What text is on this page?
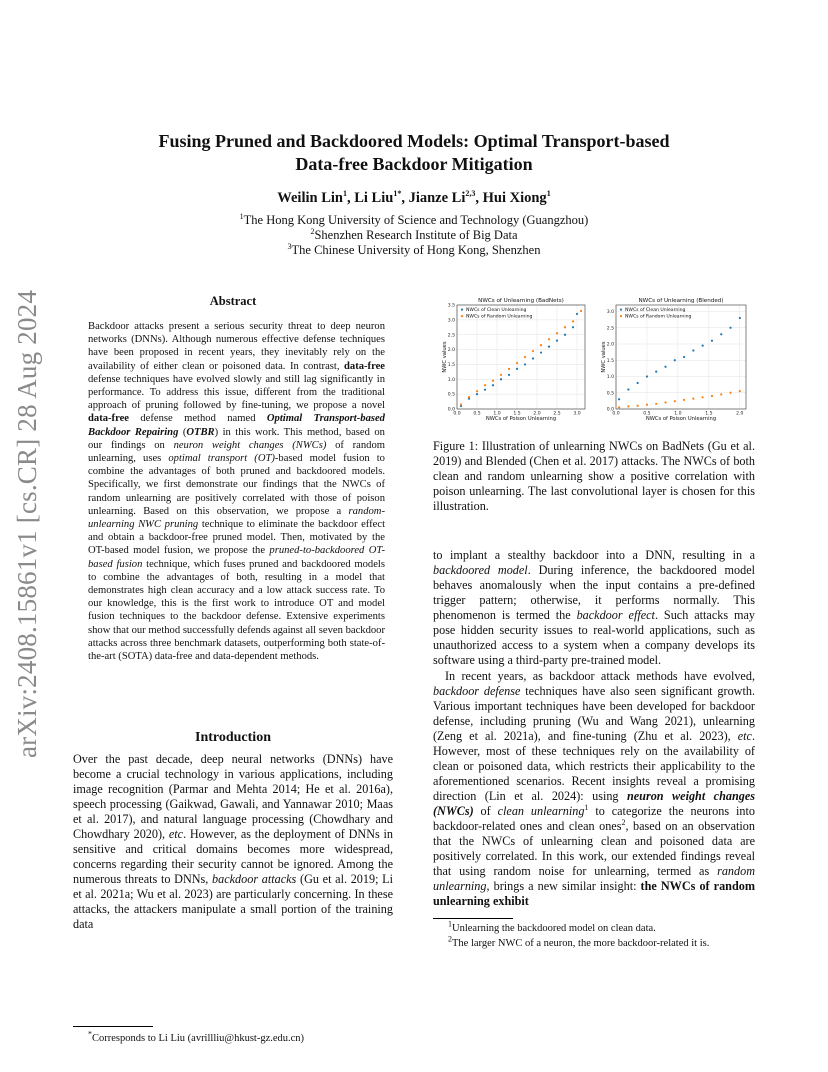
arXiv:2408.15861v1 [cs.CR] 28 Aug 2024
Fusing Pruned and Backdoored Models: Optimal Transport-based
Data-free Backdoor Mitigation
Weilin Lin$^1$, Li Liu$^{1*}$, Jianze Li$^{2,3}$, Hui Xiong$^1$
$^1$The Hong Kong University of Science and Technology (Guangzhou)
$^2$Shenzhen Research Institute of Big Data
$^3$The Chinese University of Hong Kong, Shenzhen
Abstract
Backdoor attacks present a serious security threat to deep neuron networks (DNNs). Although numerous effective defense techniques have been proposed in recent years, they inevitably rely on the availability of either clean or poisoned data. In contrast, data-free defense techniques have evolved slowly and still lag significantly in performance. To address this issue, different from the traditional approach of pruning followed by fine-tuning, we propose a novel data-free defense method named Optimal Transport-based Backdoor Repairing (OTBR) in this work. This method, based on our findings on neuron weight changes (NWCs) of random unlearning, uses optimal transport (OT)-based model fusion to combine the advantages of both pruned and backdoored models. Specifically, we first demonstrate our findings that the NWCs of random unlearning are positively correlated with those of poison unlearning. Based on this observation, we propose a random-unlearning NWC pruning technique to eliminate the backdoor effect and obtain a backdoor-free pruned model. Then, motivated by the OT-based model fusion, we propose the pruned-to-backdoored OT-based fusion technique, which fuses pruned and backdoored models to combine the advantages of both, resulting in a model that demonstrates high clean accuracy and a low attack success rate. To our knowledge, this is the first work to introduce OT and model fusion techniques to the backdoor defense. Extensive experiments show that our method successfully defends against all seven backdoor attacks across three benchmark datasets, outperforming both state-of-the-art (SOTA) data-free and data-dependent methods.
Introduction
Over the past decade, deep neural networks (DNNs) have become a crucial technology in various applications, including image recognition (Parmar and Mehta 2014; He et al. 2016a), speech processing (Gaikwad, Gawali, and Yannawar 2010; Maas et al. 2017), and natural language processing (Chowdhary and Chowdhary 2020), etc. However, as the deployment of DNNs in sensitive and critical domains becomes more widespread, concerns regarding their security cannot be ignored. Among the numerous threats to DNNs, backdoor attacks (Gu et al. 2019; Li et al. 2021a; Wu et al. 2023) are particularly concerning. In these attacks, the attackers manipulate a small portion of the training data
*Corresponds to Li Liu (avrillliu@hkust-gz.edu.cn)
0.0
0.5
1.0
1.5
2.0
2.5
3.0
3.5
0.0	0.5	1.0	1.5	2.0	2.5	3.0
NWCs of Unlearning (BadNets)
NWCs of Poison Unlearning
NWC values
NWCs of Clean Unlearning
NWCs of Random Unlearning
0.0
0.5
1.0
1.5
2.0
2.5
3.0
0.0	0.5	1.0	1.5	2.0
NWCs of Unlearning (Blended)
NWCs of Poison Unlearning
NWC values
NWCs of Clean Unlearning
NWCs of Random Unlearning
Figure 1: Illustration of unlearning NWCs on BadNets (Gu et al. 2019) and Blended (Chen et al. 2017) attacks. The NWCs of both clean and random unlearning show a positive correlation with poison unlearning. The last convolutional layer is chosen for this illustration.
to implant a stealthy backdoor into a DNN, resulting in a backdoored model. During inference, the backdoored model behaves anomalously when the input contains a pre-defined trigger pattern; otherwise, it performs normally. This phenomenon is termed the backdoor effect. Such attacks may pose hidden security issues to real-world applications, such as unauthorized access to a system when a company develops its software using a third-party pre-trained model.
In recent years, as backdoor attack methods have evolved, backdoor defense techniques have also seen significant growth. Various important techniques have been developed for backdoor defense, including pruning (Wu and Wang 2021), unlearning (Zeng et al. 2021a), and fine-tuning (Zhu et al. 2023), etc. However, most of these techniques rely on the availability of clean or poisoned data, which restricts their applicability to the aforementioned scenarios. Recent insights reveal a promising direction (Lin et al. 2024): using neuron weight changes (NWCs) of clean unlearning$^1$ to categorize the neurons into backdoor-related ones and clean ones$^2$, based on an observation that the NWCs of unlearning clean and poisoned data are positively correlated. In this work, our extended findings reveal that using random noise for unlearning, termed as random unlearning, brings a new similar insight: the NWCs of random unlearning exhibit
$^1$Unlearning the backdoored model on clean data.
$^2$The larger NWC of a neuron, the more backdoor-related it is.
